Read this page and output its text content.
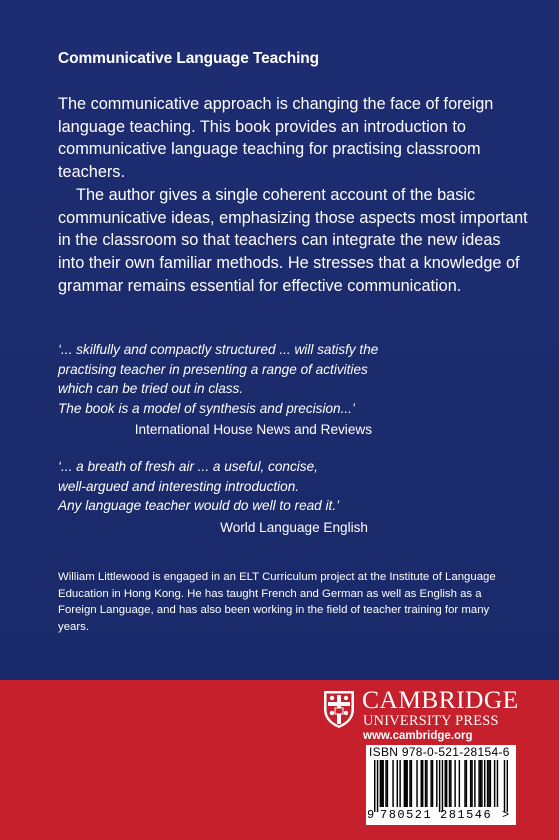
Communicative Language Teaching

The communicative approach is changing the face of foreign language teaching. This book provides an introduction to communicative language teaching for practising classroom teachers.

The author gives a single coherent account of the basic communicative ideas, emphasizing those aspects most important in the classroom so that teachers can integrate the new ideas into their own familiar methods. He stresses that a knowledge of grammar remains essential for effective communication.

‘... skilfully and compactly structured ... will satisfy the
practising teacher in presenting a range of activities
which can be tried out in class.
The book is a model of synthesis and precision...’
International House News and Reviews
‘... a breath of fresh air ... a useful, concise,
well-argued and interesting introduction.
Any language teacher would do well to read it.’
World Language English
William Littlewood is engaged in an ELT Curriculum project at the Institute of Language Education in Hong Kong. He has taught French and German as well as English as a Foreign Language, and has also been working in the field of teacher training for many years.
CAMBRIDGE
UNIVERSITY PRESS
www.cambridge.org
ISBN 978-0-521-28154-6
9 780521 281546 >
